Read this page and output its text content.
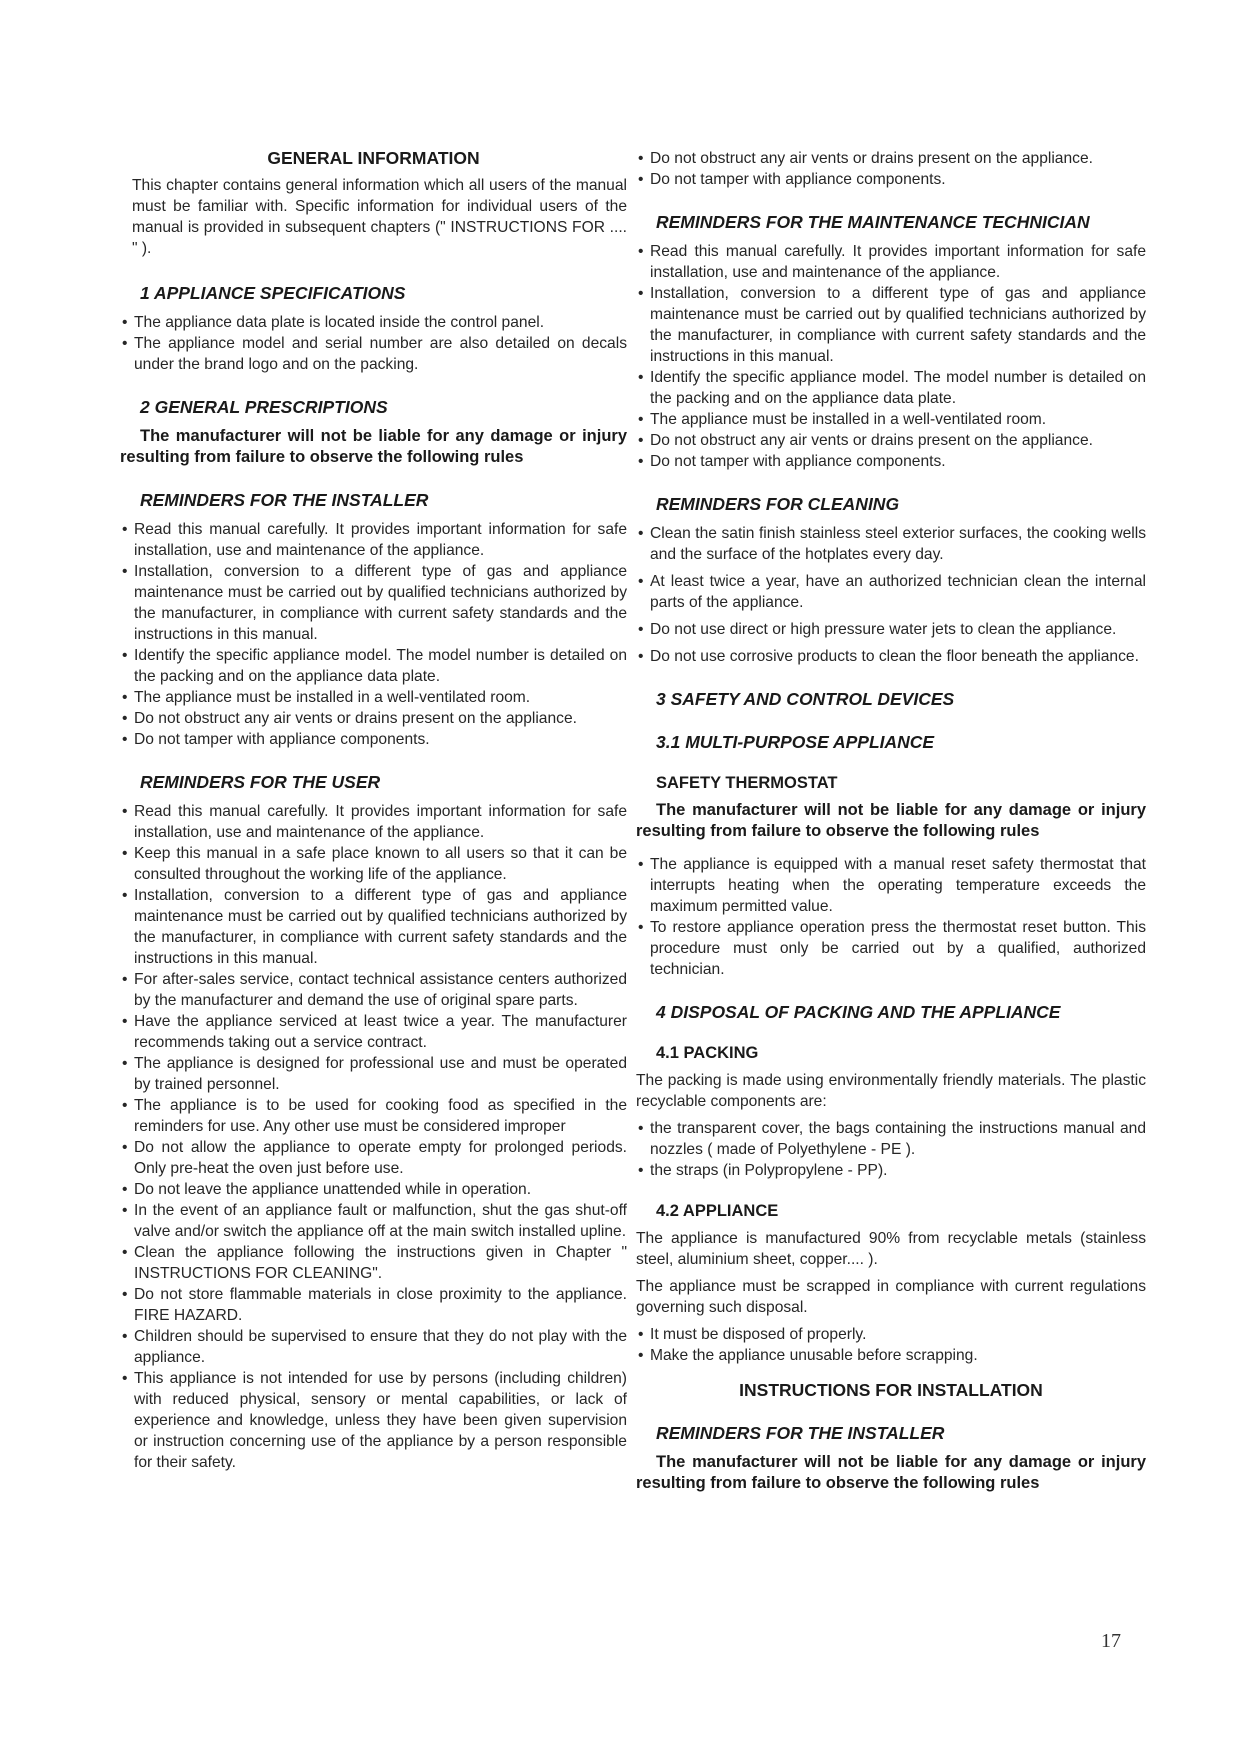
GENERAL INFORMATION
This chapter contains general information which all users of the manual must be familiar with. Specific information for individual users of the manual is provided in subsequent chapters (" INSTRUCTIONS FOR .... " ).
1 APPLIANCE SPECIFICATIONS
• The appliance data plate is located inside the control panel.
• The appliance model and serial number are also detailed on decals under the brand logo and on the packing.
2 GENERAL PRESCRIPTIONS
The manufacturer will not be liable for any damage or injury resulting from failure to observe the following rules
REMINDERS FOR THE INSTALLER
• Read this manual carefully. It provides important information for safe installation, use and maintenance of the appliance.
• Installation, conversion to a different type of gas and appliance maintenance must be carried out by qualified technicians authorized by the manufacturer, in compliance with current safety standards and the instructions in this manual.
• Identify the specific appliance model. The model number is detailed on the packing and on the appliance data plate.
• The appliance must be installed in a well-ventilated room.
• Do not obstruct any air vents or drains present on the appliance.
• Do not tamper with appliance components.
REMINDERS FOR THE USER
• Read this manual carefully. It provides important information for safe installation, use and maintenance of the appliance.
• Keep this manual in a safe place known to all users so that it can be consulted throughout the working life of the appliance.
• Installation, conversion to a different type of gas and appliance maintenance must be carried out by qualified technicians authorized by the manufacturer, in compliance with current safety standards and the instructions in this manual.
• For after-sales service, contact technical assistance centers authorized by the manufacturer and demand the use of original spare parts.
• Have the appliance serviced at least twice a year. The manufacturer recommends taking out a service contract.
• The appliance is designed for professional use and must be operated by trained personnel.
• The appliance is to be used for cooking food as specified in the reminders for use. Any other use must be considered improper
• Do not allow the appliance to operate empty for prolonged periods. Only pre-heat the oven just before use.
• Do not leave the appliance unattended while in operation.
• In the event of an appliance fault or malfunction, shut the gas shut-off valve and/or switch the appliance off at the main switch installed upline.
• Clean the appliance following the instructions given in Chapter " INSTRUCTIONS FOR CLEANING".
• Do not store flammable materials in close proximity to the appliance. FIRE HAZARD.
• Children should be supervised to ensure that they do not play with the appliance.
• This appliance is not intended for use by persons (including children) with reduced physical, sensory or mental capabilities, or lack of experience and knowledge, unless they have been given supervision or instruction concerning use of the appliance by a person responsible for their safety.
• Do not obstruct any air vents or drains present on the appliance.
• Do not tamper with appliance components.
REMINDERS FOR THE MAINTENANCE TECHNICIAN
• Read this manual carefully. It provides important information for safe installation, use and maintenance of the appliance.
• Installation, conversion to a different type of gas and appliance maintenance must be carried out by qualified technicians authorized by the manufacturer, in compliance with current safety standards and the instructions in this manual.
• Identify the specific appliance model. The model number is detailed on the packing and on the appliance data plate.
• The appliance must be installed in a well-ventilated room.
• Do not obstruct any air vents or drains present on the appliance.
• Do not tamper with appliance components.
REMINDERS FOR CLEANING
• Clean the satin finish stainless steel exterior surfaces, the cooking wells and the surface of the hotplates every day.
• At least twice a year, have an authorized technician clean the internal parts of the appliance.
• Do not use direct or high pressure water jets to clean the appliance.
• Do not use corrosive products to clean the floor beneath the appliance.
3 SAFETY AND CONTROL DEVICES
3.1 MULTI-PURPOSE APPLIANCE
SAFETY THERMOSTAT
The manufacturer will not be liable for any damage or injury resulting from failure to observe the following rules
• The appliance is equipped with a manual reset safety thermostat that interrupts heating when the operating temperature exceeds the maximum permitted value.
• To restore appliance operation press the thermostat reset button. This procedure must only be carried out by a qualified, authorized technician.
4 DISPOSAL OF PACKING AND THE APPLIANCE
4.1 PACKING
The packing is made using environmentally friendly materials. The plastic recyclable components are:
• the transparent cover, the bags containing the instructions manual and nozzles ( made of Polyethylene - PE ).
• the straps (in Polypropylene - PP).
4.2 APPLIANCE
The appliance is manufactured 90% from recyclable metals (stainless steel, aluminium sheet, copper.... ).
The appliance must be scrapped in compliance with current regulations governing such disposal.
• It must be disposed of properly.
• Make the appliance unusable before scrapping.
INSTRUCTIONS FOR INSTALLATION
REMINDERS FOR THE INSTALLER
The manufacturer will not be liable for any damage or injury resulting from failure to observe the following rules
17
